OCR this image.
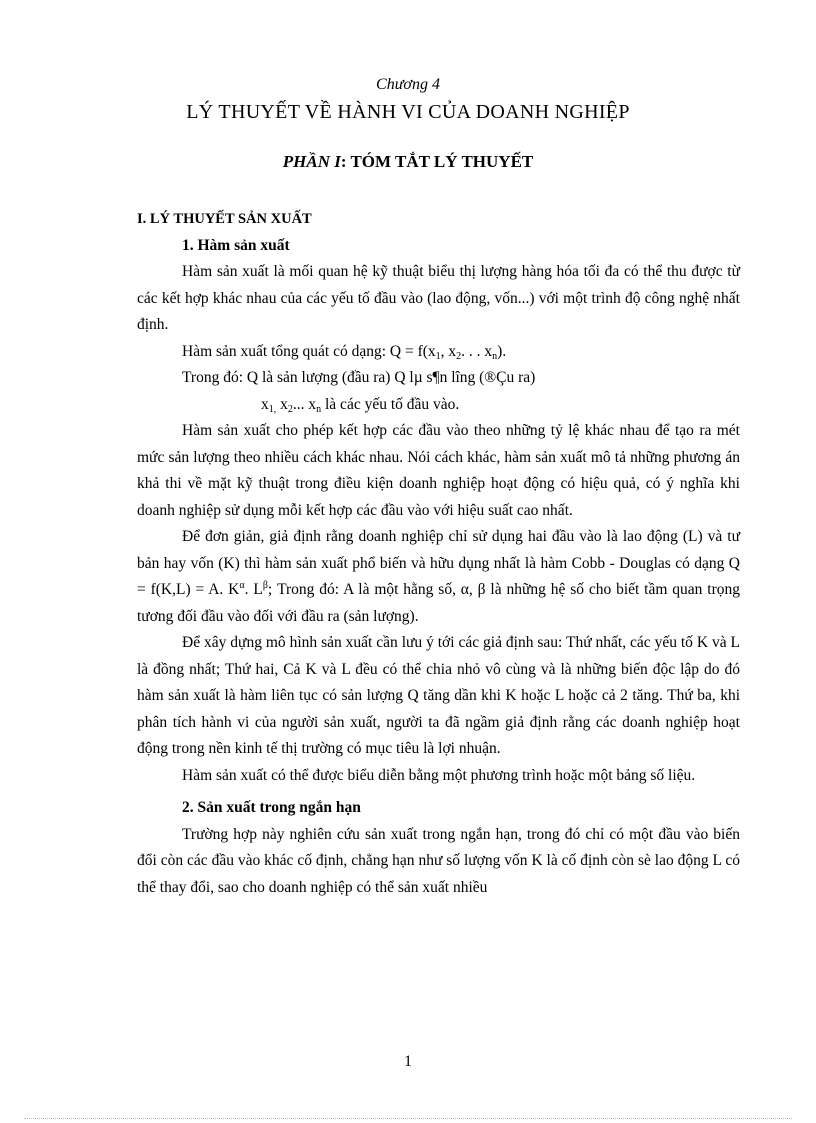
Chương 4
LÝ THUYẾT VỀ HÀNH VI CỦA DOANH NGHIỆP
PHẦN I: TÓM TẮT LÝ THUYẾT

I. LÝ THUYẾT SẢN XUẤT

1. Hàm sản xuất

Hàm sản xuất là mối quan hệ kỹ thuật biểu thị lượng hàng hóa tối đa có thể thu được từ các kết hợp khác nhau của các yếu tố đầu vào (lao động, vốn...) với một trình độ công nghệ nhất định.

Hàm sản xuất tổng quát có dạng: $Q = f(x_1$, $x_2$. . . $x_n$).

Trong đó: Q là sản lượng (đầu ra) Q lµ s¶n lîng (®Çu ra)

$x_{1,}$ $x_2$... $x_n$ là các yếu tố đầu vào.

Hàm sản xuất cho phép kết hợp các đầu vào theo những tỷ lệ khác nhau để tạo ra mét mức sản lượng theo nhiều cách khác nhau. Nói cách khác, hàm sản xuất mô tả những phương án khả thi về mặt kỹ thuật trong điều kiện doanh nghiệp hoạt động có hiệu quả, có ý nghĩa khi doanh nghiệp sử dụng mỗi kết hợp các đầu vào với hiệu suất cao nhất.

Để đơn giản, giả định rằng doanh nghiệp chỉ sử dụng hai đầu vào là lao động (L) và tư bản hay vốn (K) thì hàm sản xuất phổ biến và hữu dụng nhất là hàm Cobb - Douglas có dạng Q = f(K,L) = A. $K^\alpha$. $L^\beta$; Trong đó: A là một hằng số, α, β là những hệ số cho biết tầm quan trọng tương đối đầu vào đối với đầu ra (sản lượng).

Để xây dựng mô hình sản xuất cần lưu ý tới các giả định sau: Thứ nhất, các yếu tố K và L là đồng nhất; Thứ hai, Cả K và L đều có thể chia nhỏ vô cùng và là những biến độc lập do đó hàm sản xuất là hàm liên tục có sản lượng Q tăng dần khi K hoặc L hoặc cả 2 tăng. Thứ ba, khi phân tích hành vi của người sản xuất, người ta đã ngầm giả định rằng các doanh nghiệp hoạt động trong nền kinh tế thị trường có mục tiêu là lợi nhuận.

Hàm sản xuất có thể được biểu diễn bằng một phương trình hoặc một bảng số liệu.

2. Sản xuất trong ngắn hạn

Trường hợp này nghiên cứu sản xuất trong ngắn hạn, trong đó chỉ có một đầu vào biến đổi còn các đầu vào khác cố định, chẳng hạn như số lượng vốn K là cố định còn sè lao động L có thể thay đổi, sao cho doanh nghiệp có thể sản xuất nhiều

1
